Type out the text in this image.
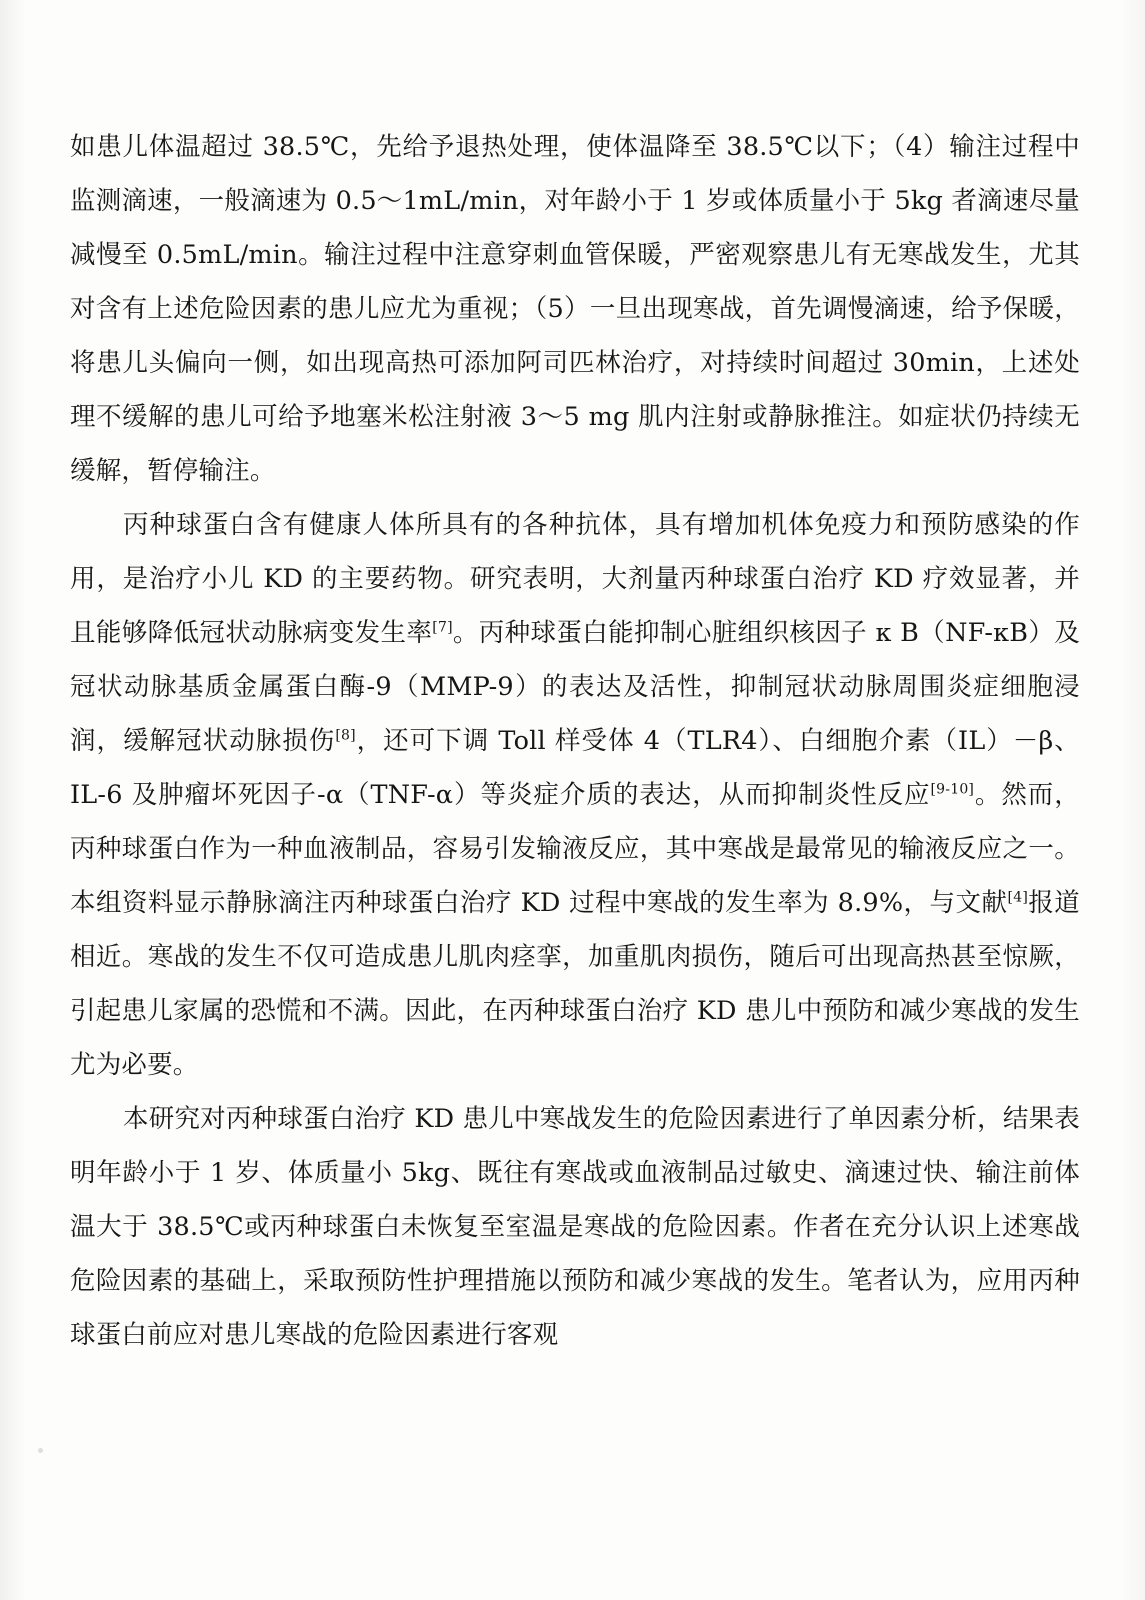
如患儿体温超过 38.5℃，先给予退热处理，使体温降至 38.5℃以下；（4）输注过程中监测滴速，一般滴速为 0.5～1mL/min，对年龄小于 1 岁或体质量小于 5kg 者滴速尽量减慢至 0.5mL/min。输注过程中注意穿刺血管保暖，严密观察患儿有无寒战发生，尤其对含有上述危险因素的患儿应尤为重视；（5）一旦出现寒战，首先调慢滴速，给予保暖，将患儿头偏向一侧，如出现高热可添加阿司匹林治疗，对持续时间超过 30min，上述处理不缓解的患儿可给予地塞米松注射液 3～5 mg 肌内注射或静脉推注。如症状仍持续无缓解，暂停输注。

丙种球蛋白含有健康人体所具有的各种抗体，具有增加机体免疫力和预防感染的作用，是治疗小儿 KD 的主要药物。研究表明，大剂量丙种球蛋白治疗 KD 疗效显著，并且能够降低冠状动脉病变发生率[7]。丙种球蛋白能抑制心脏组织核因子 κ B（NF-κB）及冠状动脉基质金属蛋白酶-9（MMP-9）的表达及活性，抑制冠状动脉周围炎症细胞浸润，缓解冠状动脉损伤[8]，还可下调 Toll 样受体 4（TLR4）、白细胞介素（IL）－β、IL-6 及肿瘤坏死因子-α（TNF-α）等炎症介质的表达，从而抑制炎性反应[9-10]。然而，丙种球蛋白作为一种血液制品，容易引发输液反应，其中寒战是最常见的输液反应之一。本组资料显示静脉滴注丙种球蛋白治疗 KD 过程中寒战的发生率为 8.9%，与文献[4]报道相近。寒战的发生不仅可造成患儿肌肉痉挛，加重肌肉损伤，随后可出现高热甚至惊厥，引起患儿家属的恐慌和不满。因此，在丙种球蛋白治疗 KD 患儿中预防和减少寒战的发生尤为必要。

本研究对丙种球蛋白治疗 KD 患儿中寒战发生的危险因素进行了单因素分析，结果表明年龄小于 1 岁、体质量小 5kg、既往有寒战或血液制品过敏史、滴速过快、输注前体温大于 38.5℃或丙种球蛋白未恢复至室温是寒战的危险因素。作者在充分认识上述寒战危险因素的基础上，采取预防性护理措施以预防和减少寒战的发生。笔者认为，应用丙种球蛋白前应对患儿寒战的危险因素进行客观
